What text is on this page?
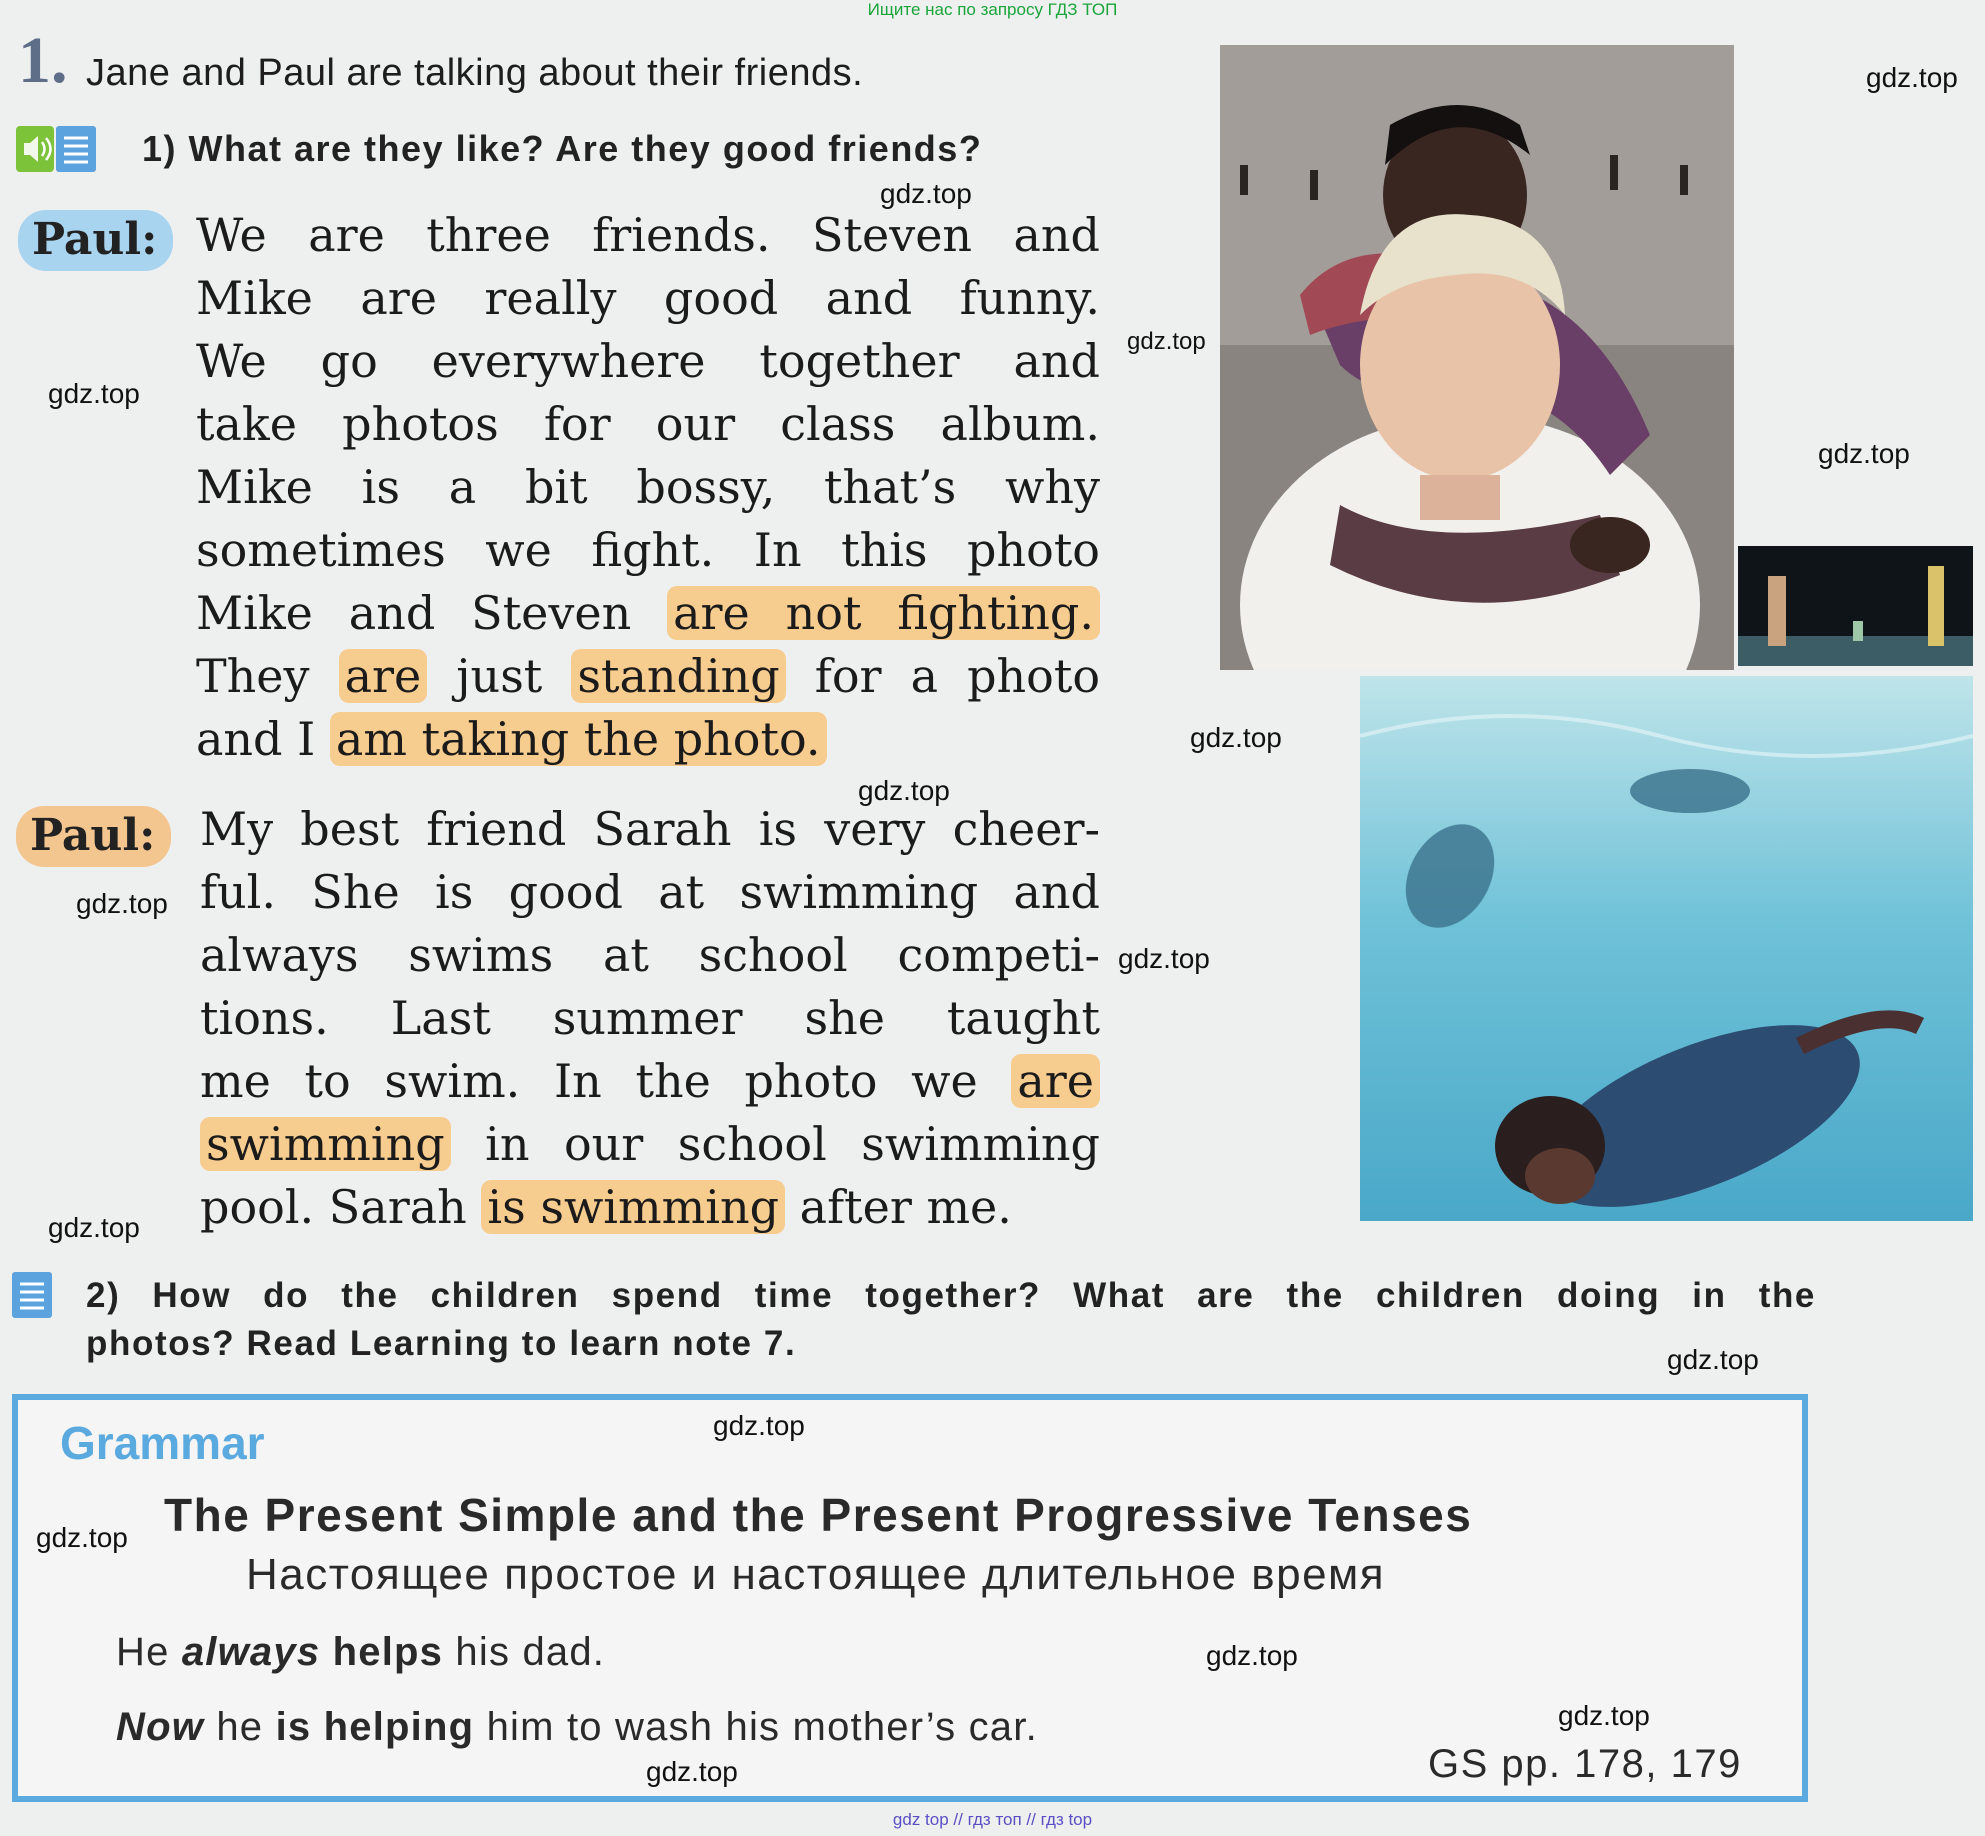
Ищите нас по запросу ГДЗ ТОП
1. Jane and Paul are talking about their friends.
1) What are they like? Are they good friends?
Paul: We are three friends. Steven and
Mike are really good and funny.
We go everywhere together and
take photos for our class album.
Mike is a bit bossy, that’s why
sometimes we fight. In this photo
Mike and Steven are not fighting.
They are just standing for a photo
and I am taking the photo.
Paul: My best friend Sarah is very cheer-
ful. She is good at swimming and
always swims at school competi-
tions. Last summer she taught
me to swim. In the photo we are
swimming in our school swimming
pool. Sarah is swimming after me.
2) How do the children spend time together? What are the children doing in the
photos? Read Learning to learn note 7.
Grammar
The Present Simple and the Present Progressive Tenses
Настоящее простое и настоящее длительное время
He always helps his dad.
Now he is helping him to wash his mother’s car.
GS pp. 178, 179
gdz.top
gdz.top
gdz.top
gdz.top
gdz.top
gdz.top
gdz.top
gdz.top
gdz.top
gdz.top
gdz.top
gdz.top
gdz.top
gdz.top
gdz.top
gdz.top
gdz top // гдз топ // гдз top
